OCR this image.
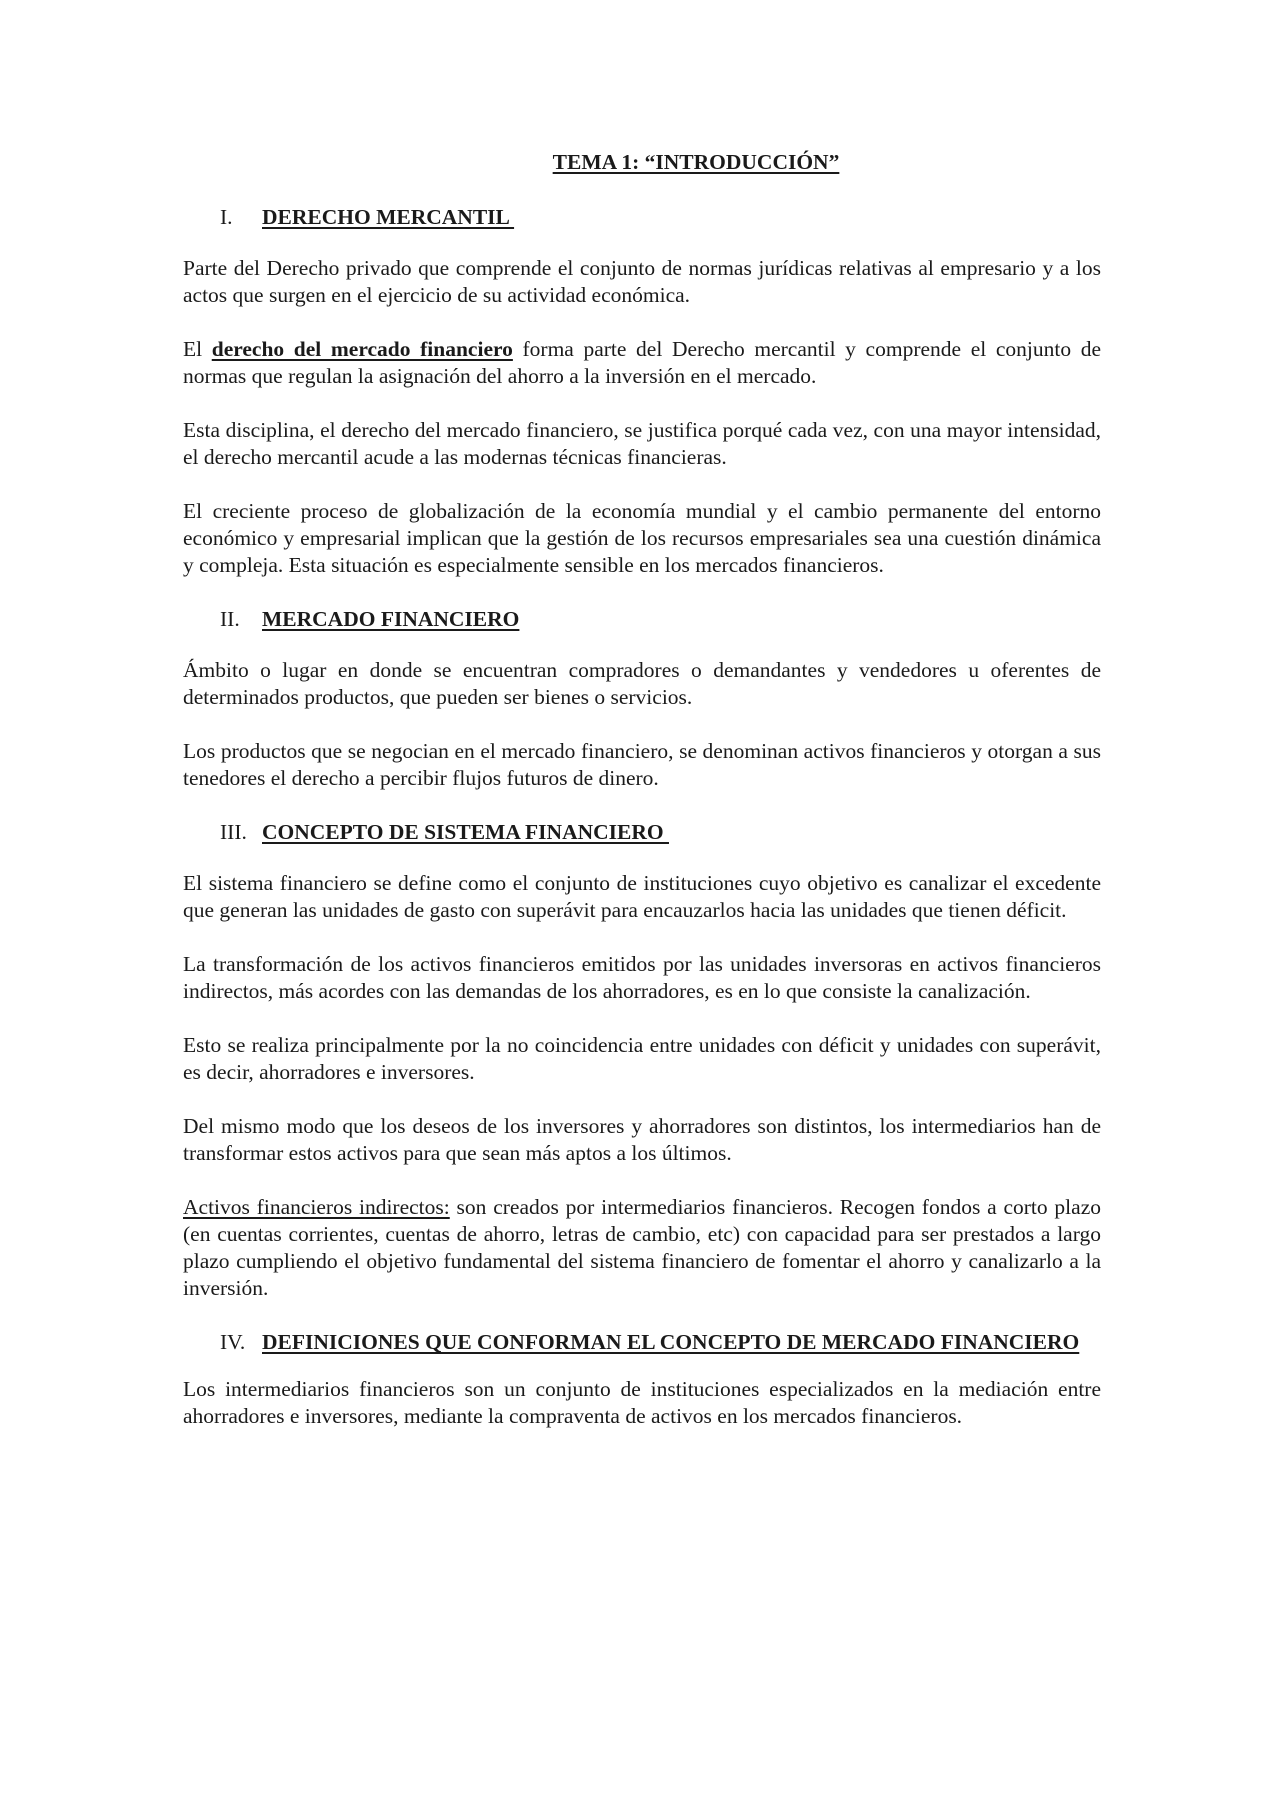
TEMA 1: “INTRODUCCIÓN”
I.	DERECHO MERCANTIL

Parte del Derecho privado que comprende el conjunto de normas jurídicas relativas al empresario y a los actos que surgen en el ejercicio de su actividad económica.

El derecho del mercado financiero forma parte del Derecho mercantil y comprende el conjunto de normas que regulan la asignación del ahorro a la inversión en el mercado.

Esta disciplina, el derecho del mercado financiero, se justifica porqué cada vez, con una mayor intensidad, el derecho mercantil acude a las modernas técnicas financieras.

El creciente proceso de globalización de la economía mundial y el cambio permanente del entorno económico y empresarial implican que la gestión de los recursos empresariales sea una cuestión dinámica y compleja. Esta situación es especialmente sensible en los mercados financieros.

II.	MERCADO FINANCIERO

Ámbito o lugar en donde se encuentran compradores o demandantes y vendedores u oferentes de determinados productos, que pueden ser bienes o servicios.

Los productos que se negocian en el mercado financiero, se denominan activos financieros y otorgan a sus tenedores el derecho a percibir flujos futuros de dinero.

III. CONCEPTO DE SISTEMA FINANCIERO

El sistema financiero se define como el conjunto de instituciones cuyo objetivo es canalizar el excedente que generan las unidades de gasto con superávit para encauzarlos hacia las unidades que tienen déficit.

La transformación de los activos financieros emitidos por las unidades inversoras en activos financieros indirectos, más acordes con las demandas de los ahorradores, es en lo que consiste la canalización.

Esto se realiza principalmente por la no coincidencia entre unidades con déficit y unidades con superávit, es decir, ahorradores e inversores.

Del mismo modo que los deseos de los inversores y ahorradores son distintos, los intermediarios han de transformar estos activos para que sean más aptos a los últimos.

Activos financieros indirectos: son creados por intermediarios financieros. Recogen fondos a corto plazo (en cuentas corrientes, cuentas de ahorro, letras de cambio, etc) con capacidad para ser prestados a largo plazo cumpliendo el objetivo fundamental del sistema financiero de fomentar el ahorro y canalizarlo a la inversión.

IV. DEFINICIONES QUE CONFORMAN EL CONCEPTO DE MERCADO FINANCIERO

Los intermediarios financieros son un conjunto de instituciones especializados en la mediación entre ahorradores e inversores, mediante la compraventa de activos en los mercados financieros.
